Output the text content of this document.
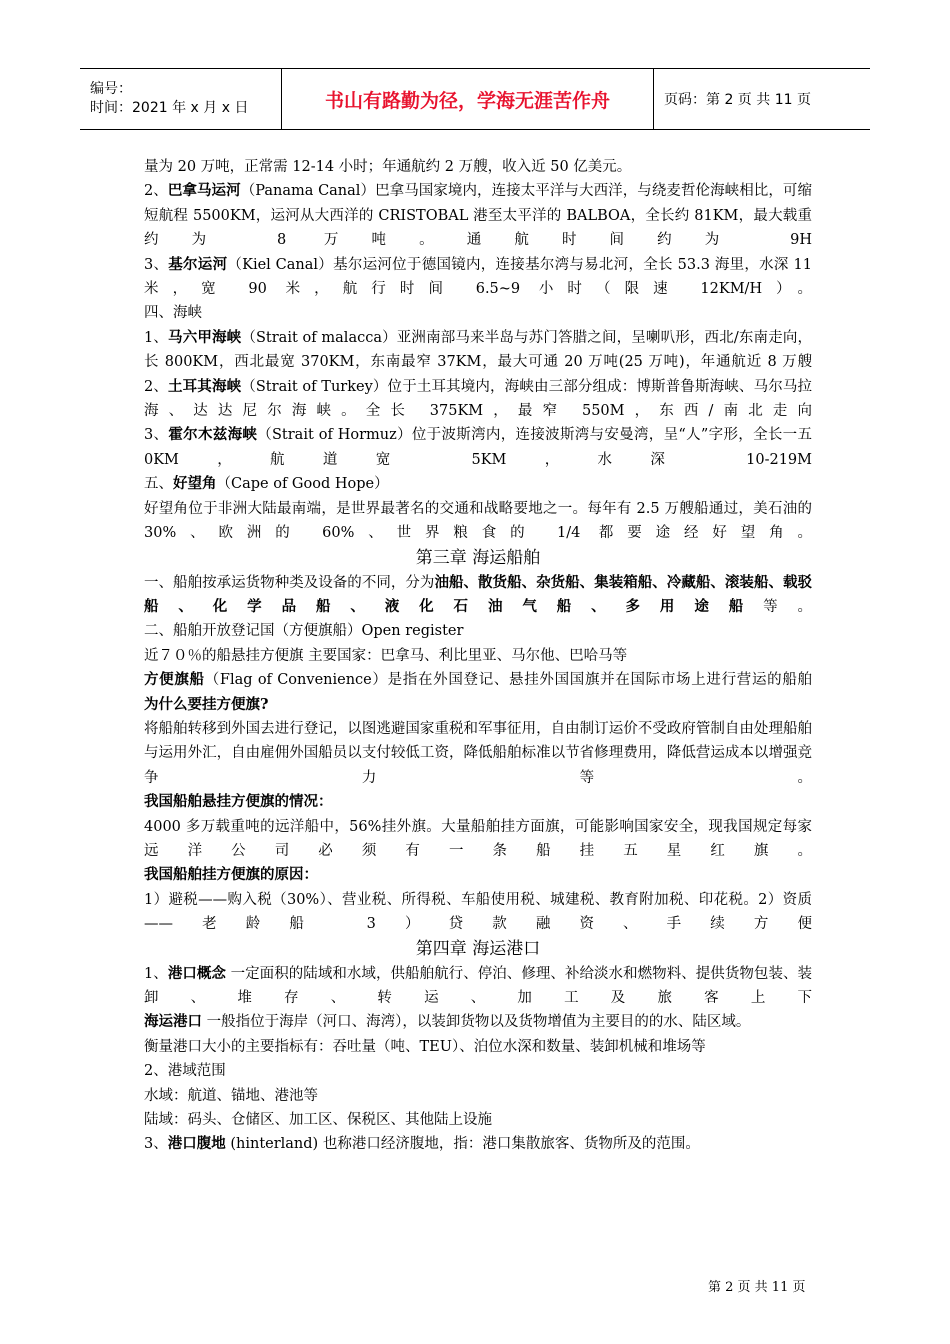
编号：
时间：2021 年 x 月 x 日	书山有路勤为径，学海无涯苦作舟	页码：第 2 页 共 11 页

量为 20 万吨，正常需 12-14 小时；年通航约 2 万艘，收入近 50 亿美元。

2、巴拿马运河（Panama Canal）巴拿马国家境内，连接太平洋与大西洋，与绕麦哲伦海峡相比，可缩短航程 5500KM，运河从大西洋的 CRISTOBAL 港至太平洋的 BALBOA，全长约 81KM，最大载重约为 8 万吨。通航时间约为 9H

3、基尔运河（Kiel Canal）基尔运河位于德国镜内，连接基尔湾与易北河，全长 53.3 海里，水深 11 米，宽 90 米，航行时间 6.5~9 小时（限速 12KM/H）。

四、海峡

1、马六甲海峡（Strait of malacca）亚洲南部马来半岛与苏门答腊之间，呈喇叭形，西北/东南走向，长 800KM，西北最宽 370KM，东南最窄 37KM，最大可通 20 万吨(25 万吨)，年通航近 8 万艘

2、土耳其海峡（Strait of Turkey）位于土耳其境内，海峡由三部分组成：博斯普鲁斯海峡、马尔马拉海、达达尼尔海峡。全长 375KM，最窄 550M，东西/南北走向

3、霍尔木兹海峡（Strait of Hormuz）位于波斯湾内，连接波斯湾与安曼湾，呈“人”字形，全长一五 0KM，航道宽 5KM，水深 10-219M

五、好望角（Cape of Good Hope）

好望角位于非洲大陆最南端，是世界最著名的交通和战略要地之一。每年有 2.5 万艘船通过，美石油的 30%、欧洲的 60%、世界粮食的 1/4 都要途经好望角。

第三章 海运船舶

一、船舶按承运货物种类及设备的不同，分为油船、散货船、杂货船、集装箱船、冷藏船、滚装船、载驳船、化学品船、液化石油气船、多用途船等。

二、船舶开放登记国（方便旗船）Open register

近７０％的船悬挂方便旗 主要国家：巴拿马、利比里亚、马尔他、巴哈马等

方便旗船（Flag of Convenience）是指在外国登记、悬挂外国国旗并在国际市场上进行营运的船舶

为什么要挂方便旗?

将船舶转移到外国去进行登记，以图逃避国家重税和军事征用，自由制订运价不受政府管制自由处理船舶与运用外汇，自由雇佣外国船员以支付较低工资，降低船舶标准以节省修理费用，降低营运成本以增强竞争力等。

我国船舶悬挂方便旗的情况：

4000 多万载重吨的远洋船中，56%挂外旗。大量船舶挂方面旗，可能影响国家安全，现我国规定每家远洋公司必须有一条船挂五星红旗。

我国船舶挂方便旗的原因：

1）避税——购入税（30%）、营业税、所得税、车船使用税、城建税、教育附加税、印花税。2）资质——老龄船 3）贷款融资、手续方便

第四章 海运港口

1、港口概念 一定面积的陆域和水域，供船舶航行、停泊、修理、补给淡水和燃物料、提供货物包装、装卸、堆存、转运、加工及旅客上下

海运港口 一般指位于海岸（河口、海湾），以装卸货物以及货物增值为主要目的的水、陆区域。

衡量港口大小的主要指标有：吞吐量（吨、TEU）、泊位水深和数量、装卸机械和堆场等

2、港域范围

水域：航道、锚地、港池等

陆域：码头、仓储区、加工区、保税区、其他陆上设施

3、港口腹地 (hinterland) 也称港口经济腹地，指：港口集散旅客、货物所及的范围。

第 2 页 共 11 页
